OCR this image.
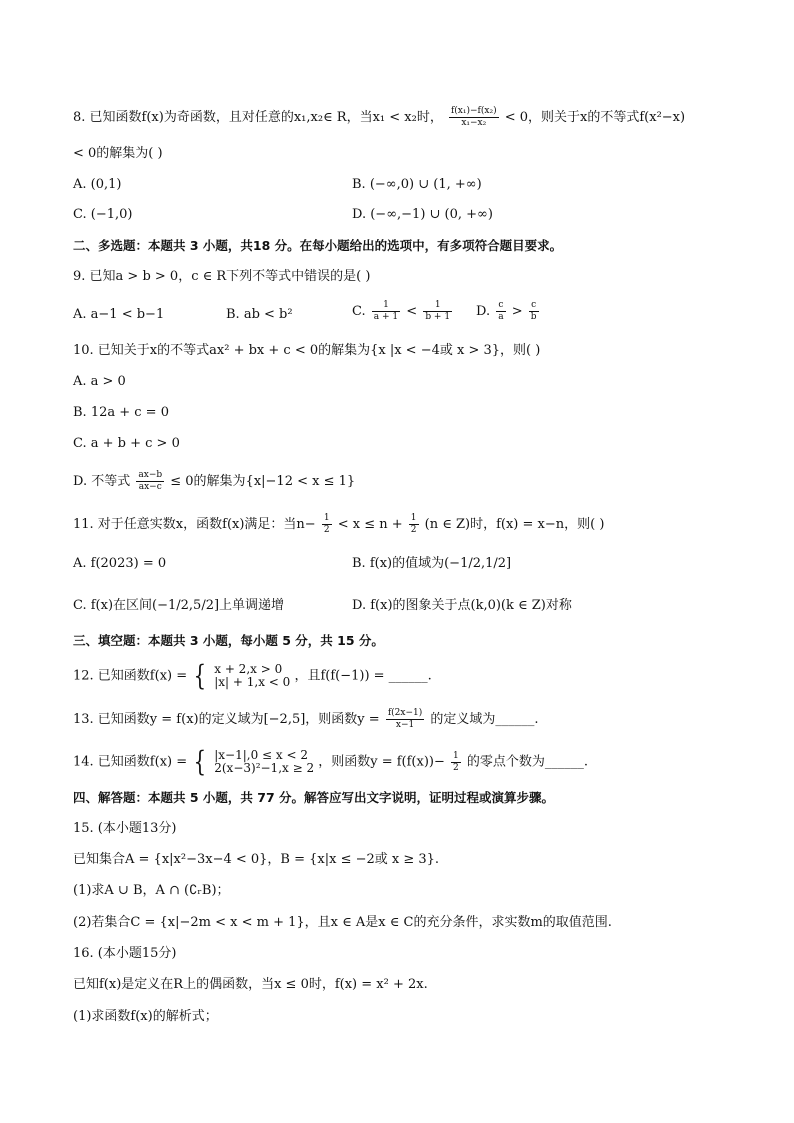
8. 已知函数f(x)为奇函数，且对任意的x₁,x₂∈ R，当x₁ < x₂时， $\frac{\text{f(x₁)−f(x₂)}}{\text{x₁−x₂}} < 0$，则关于x的不等式f(x²−x)
< 0的解集为( )
A. (0,1)	B. (−∞,0) ∪ (1, +∞)
C. (−1,0)	D. (−∞,−1) ∪ (0, +∞)
二、多选题：本题共 3 小题，共18 分。在每小题给出的选项中，有多项符合题目要求。
9. 已知a > b > 0，c ∈ R下列不等式中错误的是( )
A. a−1 < b−1	B. ab < b²	C. $\frac{1}{a + 1} < \frac{1}{b + 1} D$. $\frac{c}{a} > \frac{c}{b}$
10. 已知关于x的不等式ax² + bx + c < 0的解集为{x |x < −4或 x > 3}，则( )
A. a > 0
B. 12a + c = 0
C. a + b + c > 0
D. 不等式 $\frac{ax-b}{ax-c} \le 0$的解集为{x|−12 < x ≤ 1}
11. 对于任意实数x，函数f(x)满足：当$n- \frac{1}{2} < x \le n + \frac{1}{2} (n$ ∈ Z)时，f(x) = x−n，则( )
A. f(2023) = 0	B. f(x)的值域为(−1/2,1/2]
C. f(x)在区间(−1/2,5/2]上单调递增	D. f(x)的图象关于点(k,0)(k ∈ Z)对称
三、填空题：本题共 3 小题，每小题 5 分，共 15 分。
12. 已知函数f(x) = { x + 2,x > 0
|x| + 1,x < 0 ，且f(f(−1)) = ______.
13. 已知函数y = f(x)的定义域为[−2,5]，则函数$y = \frac{f(2x-1)}{x-1}$ 的定义域为______.
14. 已知函数f(x) = { |x−1|,0 ≤ x < 2
2(x−3)²−1,x ≥ 2 ，则函数$y = f(f(x))- \frac{1}{2}$ 的零点个数为______.
四、解答题：本题共 5 小题，共 77 分。解答应写出文字说明，证明过程或演算步骤。
15. (本小题13分)
已知集合A = {x|x²−3x−4 < 0}，B = {x|x ≤ −2或 x ≥ 3}.
(1)求A ∪ B，A ∩ (∁ᵣB)；
(2)若集合C = {x|−2m < x < m + 1}，且x ∈ A是x ∈ C的充分条件，求实数m的取值范围.
16. (本小题15分)
已知f(x)是定义在R上的偶函数，当x ≤ 0时，f(x) = x² + 2x.
(1)求函数f(x)的解析式；
